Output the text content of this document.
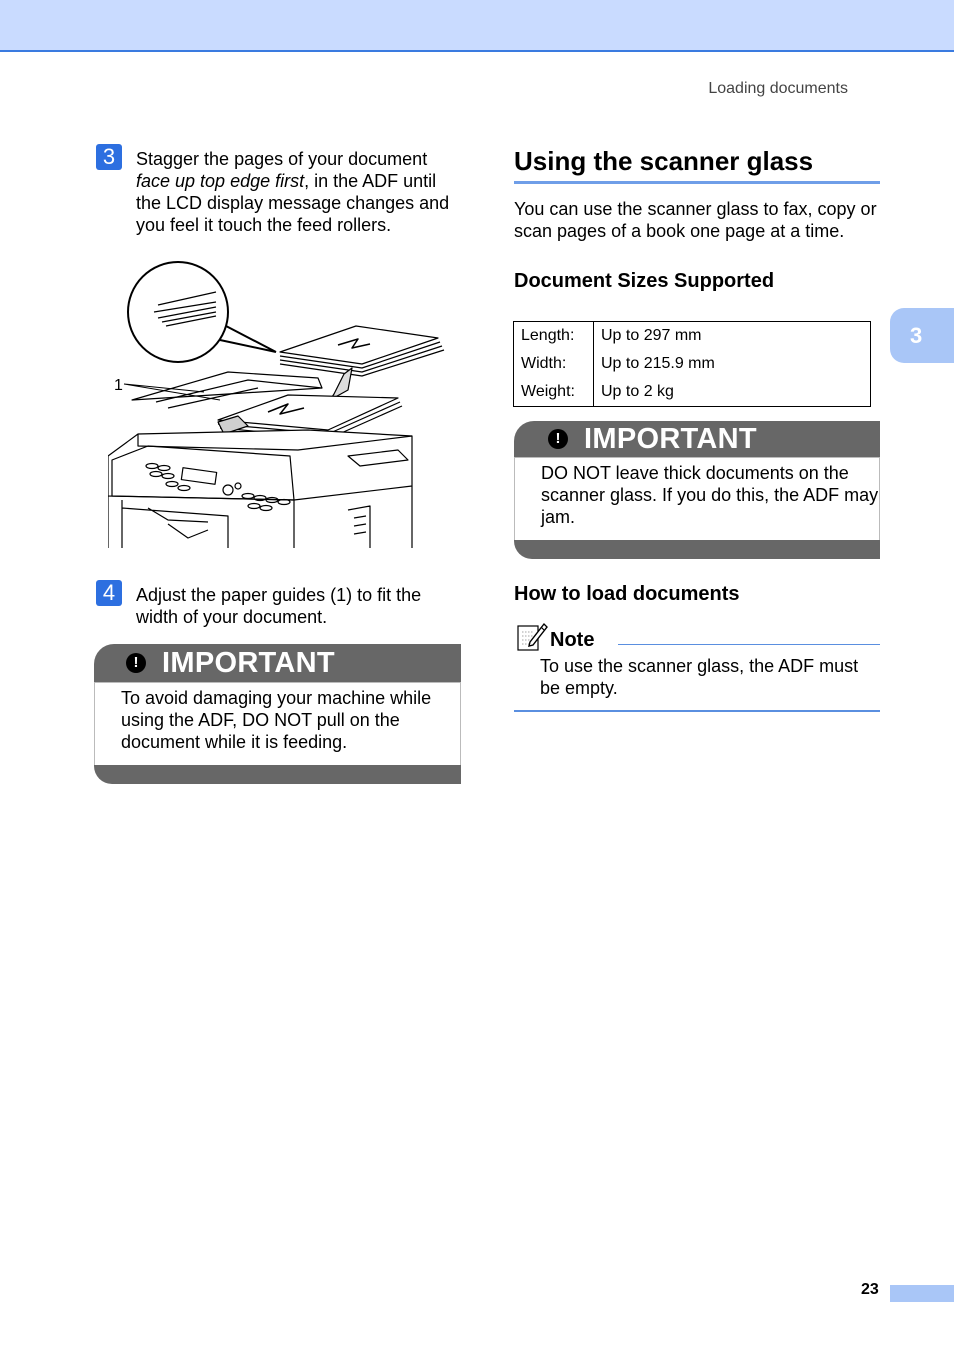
Loading documents
3
3	Stagger the pages of your document

face up top edge first, in the ADF until

the LCD display message changes and

you feel it touch the feed rollers.

1
4	Adjust the paper guides (1) to fit the

width of your document.

! IMPORTANT

To avoid damaging your machine while

using the ADF, DO NOT pull on the

document while it is feeding.

Using the scanner glass

You can use the scanner glass to fax, copy or

scan pages of a book one page at a time.

Document Sizes Supported
Length:	Up to 297 mm
Width:	Up to 215.9 mm
Weight:	Up to 2 kg
! IMPORTANT

DO NOT leave thick documents on the

scanner glass. If you do this, the ADF may

jam.

How to load documents
Note

To use the scanner glass, the ADF must

be empty.

23
